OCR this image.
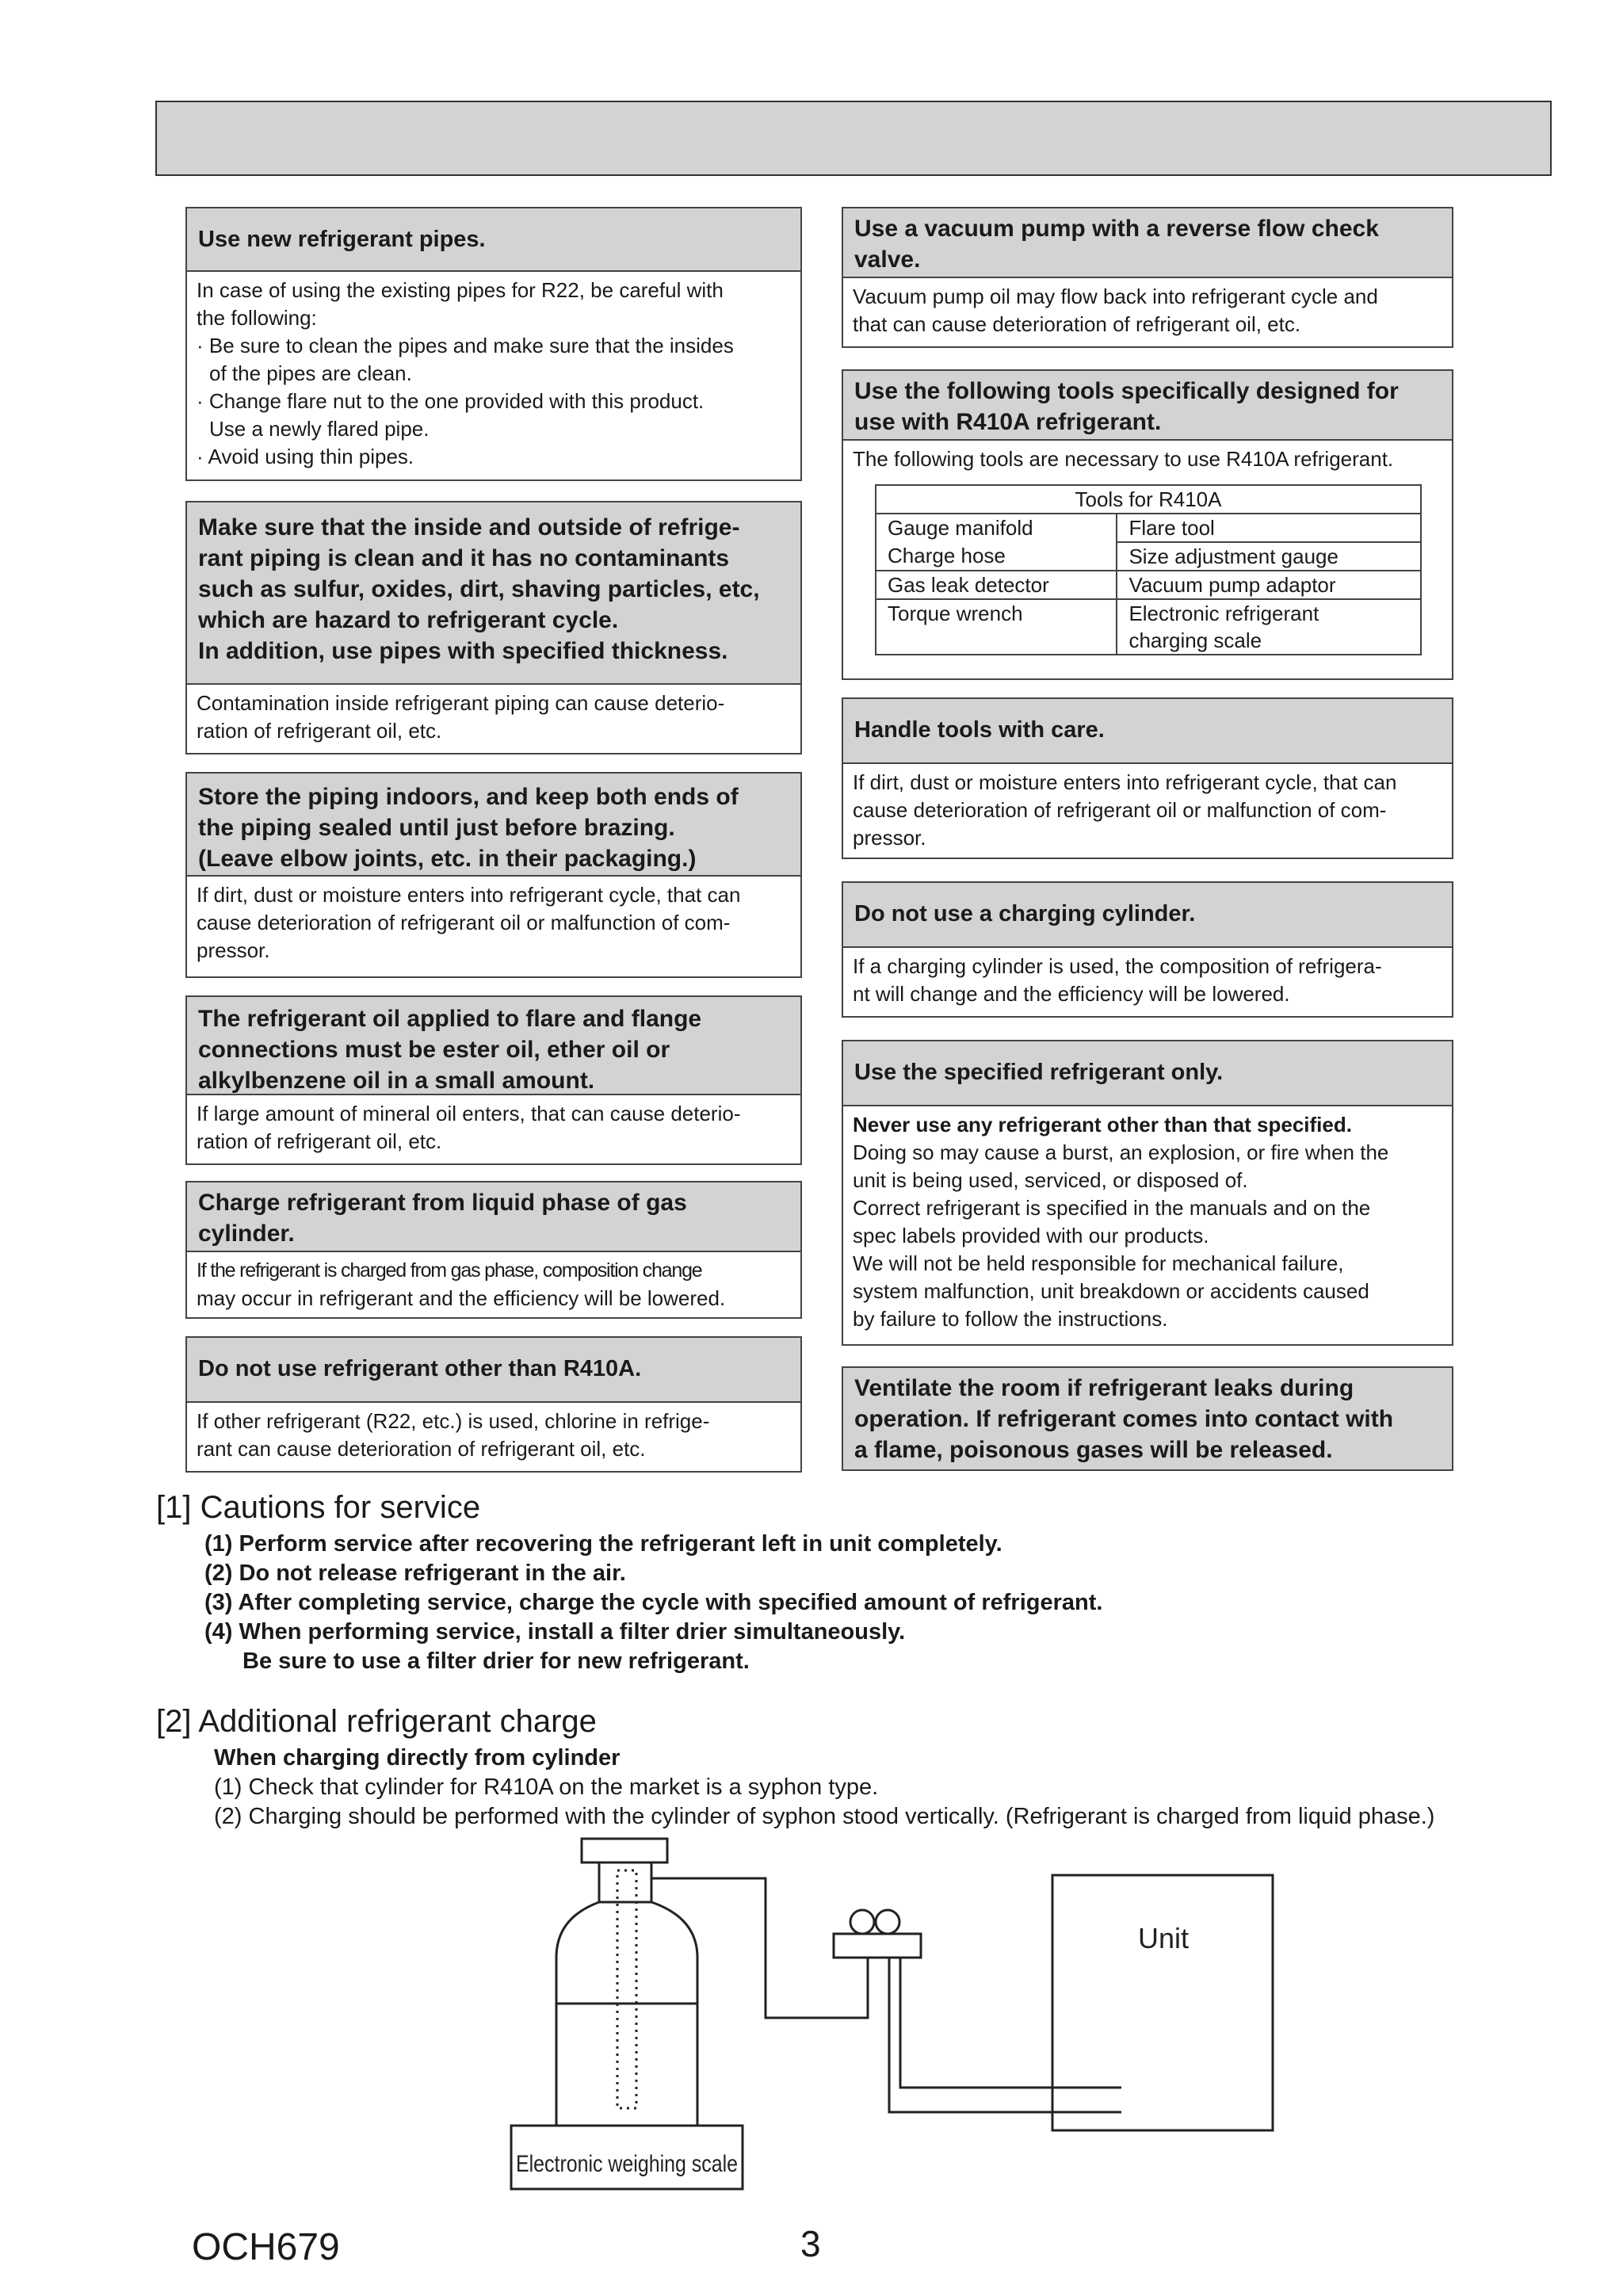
Use new refrigerant pipes.
In case of using the existing pipes for R22, be careful with
the following:
· Be sure to clean the pipes and make sure that the insides
of the pipes are clean.
· Change flare nut to the one provided with this product.
Use a newly flared pipe.
· Avoid using thin pipes.
Make sure that the inside and outside of refrige-
rant piping is clean and it has no contaminants
such as sulfur, oxides, dirt, shaving particles, etc,
which are hazard to refrigerant cycle.
In addition, use pipes with specified thickness.
Contamination inside refrigerant piping can cause deterio-
ration of refrigerant oil, etc.
Store the piping indoors, and keep both ends of
the piping sealed until just before brazing.
(Leave elbow joints, etc. in their packaging.)
If dirt, dust or moisture enters into refrigerant cycle, that can
cause deterioration of refrigerant oil or malfunction of com-
pressor.
The refrigerant oil applied to flare and flange
connections must be ester oil, ether oil or
alkylbenzene oil in a small amount.
If large amount of mineral oil enters, that can cause deterio-
ration of refrigerant oil, etc.
Charge refrigerant from liquid phase of gas
cylinder.
If the refrigerant is charged from gas phase, composition change
may occur in refrigerant and the efficiency will be lowered.
Do not use refrigerant other than R410A.
If other refrigerant (R22, etc.) is used, chlorine in refrige-
rant can cause deterioration of refrigerant oil, etc.
Use a vacuum pump with a reverse flow check
valve.
Vacuum pump oil may flow back into refrigerant cycle and
that can cause deterioration of refrigerant oil, etc.
Use the following tools specifically designed for
use with R410A refrigerant.
The following tools are necessary to use R410A refrigerant.
Tools for R410A	
Gauge manifold	Flare tool
Charge hose	Size adjustment gauge
Gas leak detector	Vacuum pump adaptor
Torque wrench	Electronic refrigerant
	charging scale
Handle tools with care.
If dirt, dust or moisture enters into refrigerant cycle, that can
cause deterioration of refrigerant oil or malfunction of com-
pressor.
Do not use a charging cylinder.
If a charging cylinder is used, the composition of refrigera-
nt will change and the efficiency will be lowered.
Use the specified refrigerant only.
Never use any refrigerant other than that specified.
Doing so may cause a burst, an explosion, or fire when the
unit is being used, serviced, or disposed of.
Correct refrigerant is specified in the manuals and on the
spec labels provided with our products.
We will not be held responsible for mechanical failure,
system malfunction, unit breakdown or accidents caused
by failure to follow the instructions.
Ventilate the room if refrigerant leaks during
operation. If refrigerant comes into contact with
a flame, poisonous gases will be released.
[1] Cautions for service
(1) Perform service after recovering the refrigerant left in unit completely.
(2) Do not release refrigerant in the air.
(3) After completing service, charge the cycle with specified amount of refrigerant.
(4) When performing service, install a filter drier simultaneously.
Be sure to use a filter drier for new refrigerant.
[2] Additional refrigerant charge
When charging directly from cylinder
(1) Check that cylinder for R410A on the market is a syphon type.
(2) Charging should be performed with the cylinder of syphon stood vertically. (Refrigerant is charged from liquid phase.)
Unit
Electronic weighing scale
OCH679	3
